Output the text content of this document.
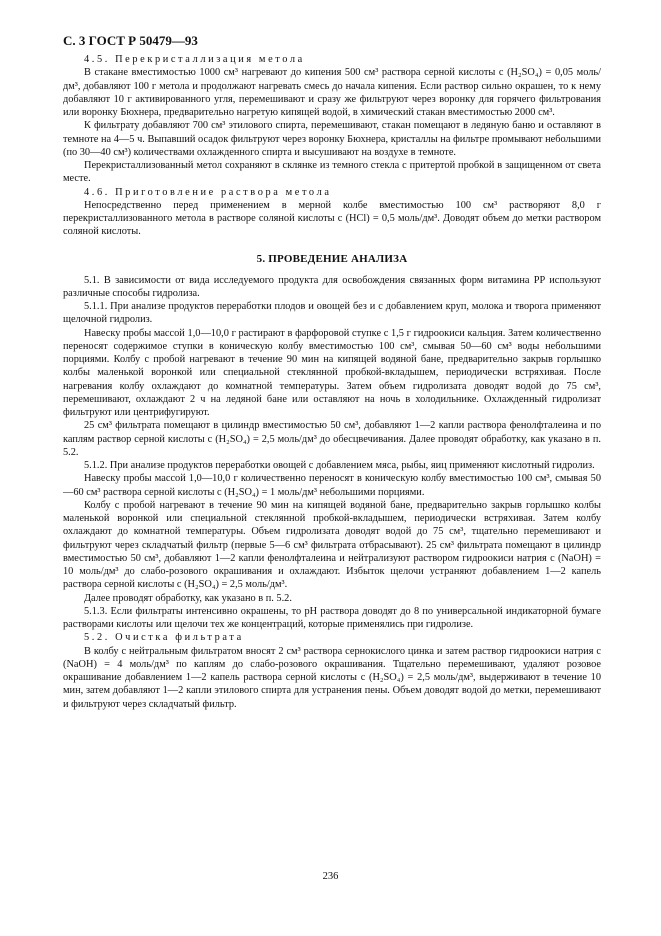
С. 3 ГОСТ Р 50479—93

4.5. Перекристаллизация метола

В стакане вместимостью 1000 см³ нагревают до кипения 500 см³ раствора серной кислоты c (H₂SO₄) = 0,05 моль/дм³, добавляют 100 г метола и продолжают нагревать смесь до начала кипения. Если раствор сильно окрашен, то к нему добавляют 10 г активированного угля, перемешивают и сразу же фильтруют через воронку для горячего фильтрования или воронку Бюхнера, предварительно нагретую кипящей водой, в химический стакан вместимостью 2000 см³.

К фильтрату добавляют 700 см³ этилового спирта, перемешивают, стакан помещают в ледяную баню и оставляют в темноте на 4—5 ч. Выпавший осадок фильтруют через воронку Бюхнера, кристаллы на фильтре промывают небольшими (по 30—40 см³) количествами охлажденного спирта и высушивают на воздухе в темноте.

Перекристаллизованный метол сохраняют в склянке из темного стекла с притертой пробкой в защищенном от света месте.

4.6. Приготовление раствора метола

Непосредственно перед применением в мерной колбе вместимостью 100 см³ растворяют 8,0 г перекристаллизованного метола в растворе соляной кислоты c (HCl) = 0,5 моль/дм³. Доводят объем до метки раствором соляной кислоты.

5. ПРОВЕДЕНИЕ АНАЛИЗА

5.1. В зависимости от вида исследуемого продукта для освобождения связанных форм витамина PP используют различные способы гидролиза.

5.1.1. При анализе продуктов переработки плодов и овощей без и с добавлением круп, молока и творога применяют щелочной гидролиз.

Навеску пробы массой 1,0—10,0 г растирают в фарфоровой ступке с 1,5 г гидроокиси кальция. Затем количественно переносят содержимое ступки в коническую колбу вместимостью 100 см³, смывая 50—60 см³ воды небольшими порциями. Колбу с пробой нагревают в течение 90 мин на кипящей водяной бане, предварительно закрыв горлышко колбы маленькой воронкой или специальной стеклянной пробкой-вкладышем, периодически встряхивая. После нагревания колбу охлаждают до комнатной температуры. Затем объем гидролизата доводят водой до 75 см³, перемешивают, охлаждают 2 ч на ледяной бане или оставляют на ночь в холодильнике. Охлажденный гидролизат фильтруют или центрифугируют.

25 см³ фильтрата помещают в цилиндр вместимостью 50 см³, добавляют 1—2 капли раствора фенолфталеина и по каплям раствор серной кислоты c (H₂SO₄) = 2,5 моль/дм³ до обесцвечивания. Далее проводят обработку, как указано в п. 5.2.

5.1.2. При анализе продуктов переработки овощей с добавлением мяса, рыбы, яиц применяют кислотный гидролиз.

Навеску пробы массой 1,0—10,0 г количественно переносят в коническую колбу вместимостью 100 см³, смывая 50—60 см³ раствора серной кислоты c (H₂SO₄) = 1 моль/дм³ небольшими порциями.

Колбу с пробой нагревают в течение 90 мин на кипящей водяной бане, предварительно закрыв горлышко колбы маленькой воронкой или специальной стеклянной пробкой-вкладышем, периодически встряхивая. Затем колбу охлаждают до комнатной температуры. Объем гидролизата доводят водой до 75 см³, тщательно перемешивают и фильтруют через складчатый фильтр (первые 5—6 см³ фильтрата отбрасывают). 25 см³ фильтрата помещают в цилиндр вместимостью 50 см³, добавляют 1—2 капли фенолфталеина и нейтрализуют раствором гидроокиси натрия c (NaOH) = 10 моль/дм³ до слабо-розового окрашивания и охлаждают. Избыток щелочи устраняют добавлением 1—2 капель раствора серной кислоты c (H₂SO₄) = 2,5 моль/дм³.

Далее проводят обработку, как указано в п. 5.2.

5.1.3. Если фильтраты интенсивно окрашены, то pH раствора доводят до 8 по универсальной индикаторной бумаге растворами кислоты или щелочи тех же концентраций, которые применялись при гидролизе.

5.2. Очистка фильтрата

В колбу с нейтральным фильтратом вносят 2 см³ раствора сернокислого цинка и затем раствор гидроокиси натрия c (NaOH) = 4 моль/дм³ по каплям до слабо-розового окрашивания. Тщательно перемешивают, удаляют розовое окрашивание добавлением 1—2 капель раствора серной кислоты c (H₂SO₄) = 2,5 моль/дм³, выдерживают в течение 10 мин, затем добавляют 1—2 капли этилового спирта для устранения пены. Объем доводят водой до метки, перемешивают и фильтруют через складчатый фильтр.

236
